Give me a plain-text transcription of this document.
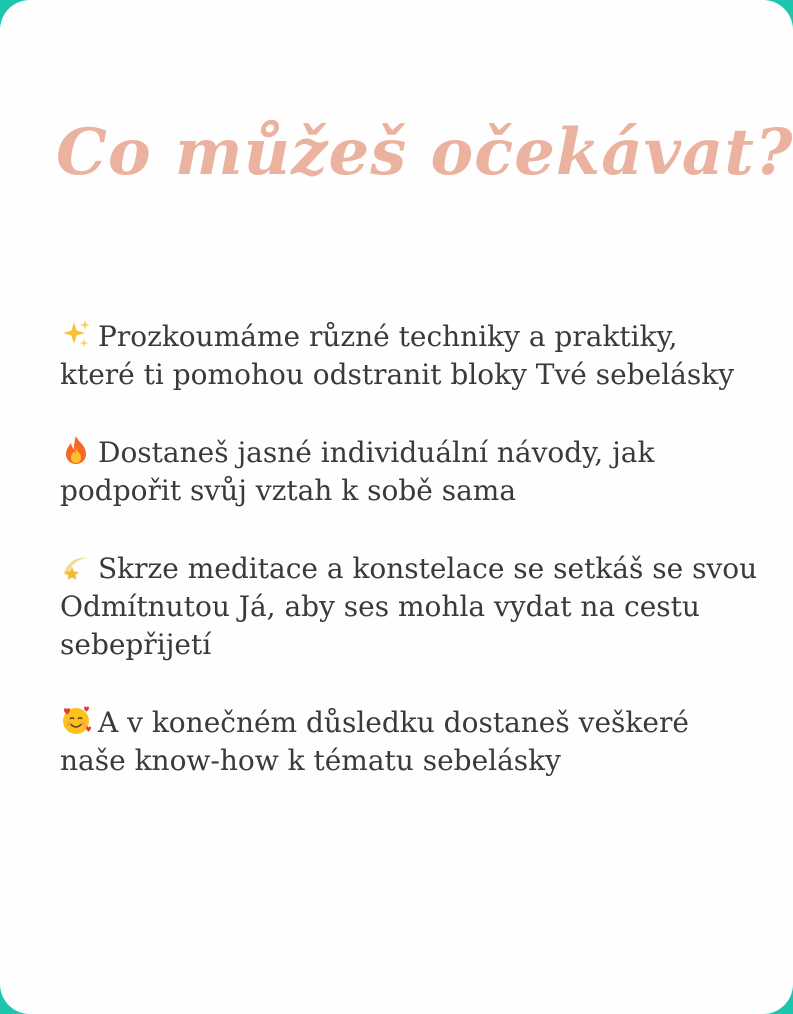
Co můžeš očekávat?

Prozkoumáme různé techniky a praktiky, které ti pomohou odstranit bloky Tvé sebelásky

Dostaneš jasné individuální návody, jak podpořit svůj vztah k sobě sama

Skrze meditace a konstelace se setkáš se svou Odmítnutou Já, aby ses mohla vydat na cestu sebepřijetí

A v konečném důsledku dostaneš veškeré naše know-how k tématu sebelásky
